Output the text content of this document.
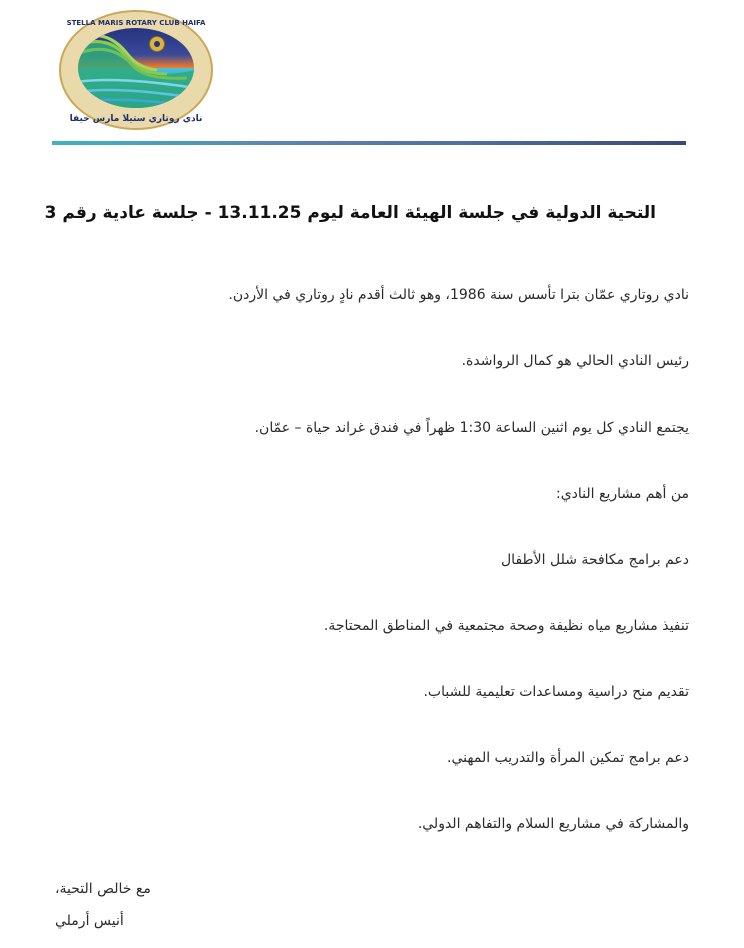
STELLA MARIS ROTARY CLUB HAIFA
نادي روتاري ستيلا مارس حيفا
التحية الدولية في جلسة الهيئة العامة ليوم 13.11.25 - جلسة عادية رقم 3
نادي روتاري عمّان بترا تأسس سنة 1986، وهو ثالث أقدم نادٍ روتاري في الأردن.
رئيس النادي الحالي هو كمال الرواشدة.
يجتمع النادي كل يوم اثنين الساعة 1:30 ظهراً في فندق غراند حياة – عمّان.
من أهم مشاريع النادي:
دعم برامج مكافحة شلل الأطفال
تنفيذ مشاريع مياه نظيفة وصحة مجتمعية في المناطق المحتاجة.
تقديم منح دراسية ومساعدات تعليمية للشباب.
دعم برامج تمكين المرأة والتدريب المهني.
والمشاركة في مشاريع السلام والتفاهم الدولي.
مع خالص التحية،
أنيس أرملي
